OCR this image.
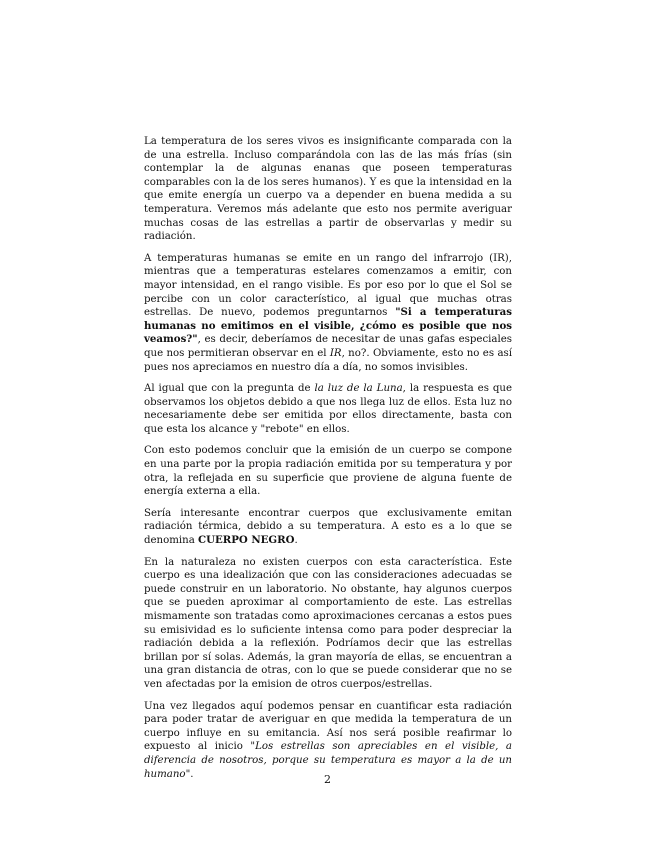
La temperatura de los seres vivos es insignificante comparada con la de una estrella. Incluso comparándola con las de las más frías (sin contemplar la de algunas enanas que poseen temperaturas comparables con la de los seres humanos). Y es que la intensidad en la que emite energía un cuerpo va a depender en buena medida a su temperatura. Veremos más adelante que esto nos permite averiguar muchas cosas de las estrellas a partir de observarlas y medir su radiación.

A temperaturas humanas se emite en un rango del infrarrojo (IR), mientras que a temperaturas estelares comenzamos a emitir, con mayor intensidad, en el rango visible. Es por eso por lo que el Sol se percibe con un color característico, al igual que muchas otras estrellas. De nuevo, podemos preguntarnos "Si a temperaturas humanas no emitimos en el visible, ¿cómo es posible que nos veamos?", es decir, deberíamos de necesitar de unas gafas especiales que nos permitieran observar en el IR, no?. Obviamente, esto no es así pues nos apreciamos en nuestro día a día, no somos invisibles.

Al igual que con la pregunta de la luz de la Luna, la respuesta es que observamos los objetos debido a que nos llega luz de ellos. Esta luz no necesariamente debe ser emitida por ellos directamente, basta con que esta los alcance y "rebote" en ellos.

Con esto podemos concluir que la emisión de un cuerpo se compone en una parte por la propia radiación emitida por su temperatura y por otra, la reflejada en su superficie que proviene de alguna fuente de energía externa a ella.

Sería interesante encontrar cuerpos que exclusivamente emitan radiación térmica, debido a su temperatura. A esto es a lo que se denomina CUERPO NEGRO.

En la naturaleza no existen cuerpos con esta característica. Este cuerpo es una idealización que con las consideraciones adecuadas se puede construir en un laboratorio. No obstante, hay algunos cuerpos que se pueden aproximar al comportamiento de este. Las estrellas mismamente son tratadas como aproximaciones cercanas a estos pues su emisividad es lo suficiente intensa como para poder despreciar la radiación debida a la reflexión. Podríamos decir que las estrellas brillan por sí solas. Además, la gran mayoría de ellas, se encuentran a una gran distancia de otras, con lo que se puede considerar que no se ven afectadas por la emision de otros cuerpos/estrellas.

Una vez llegados aquí podemos pensar en cuantificar esta radiación para poder tratar de averiguar en que medida la temperatura de un cuerpo influye en su emitancia. Así nos será posible reafirmar lo expuesto al inicio "Los estrellas son apreciables en el visible, a diferencia de nosotros, porque su temperatura es mayor a la de un humano".	2
